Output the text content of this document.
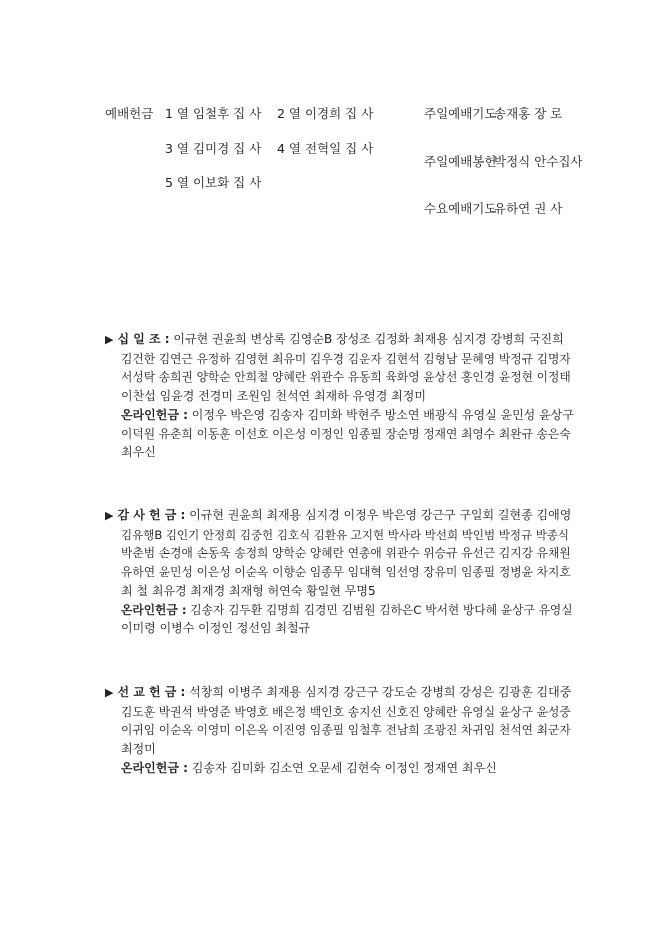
예배헌금 1 열 임철후 집 사 2 열 이경희 집 사
3 열 김미경 집 사 4 열 전혁일 집 사
5 열 이보화 집 사
주일예배기도
송재홍 장 로
주일예배봉헌
박정식 안수집사
수요예배기도
유하연 권 사
▶ 십 일 조 : 이규현 권윤희 변상록 김영순B 장성조 김정화 최재용 심지경 강병희 국진희
김건한 김연근 유정하 김영현 최유미 김우경 김운자 김현석 김형남 문혜영 박정규 김명자
서성탁 송희권 양학순 안희철 양혜란 위관수 유동희 육화영 윤상선 홍인경 윤정현 이정태
이찬섭 임윤경 전경미 조원임 천석연 최재하 유영경 최정미
온라인헌금 : 이정우 박은영 김송자 김미화 박현주 방소연 배광식 유영실 윤민성 윤상구
이덕원 유춘희 이동훈 이선호 이은성 이정인 임종필 장순명 정재연 최영수 최완규 송은숙
최우신
▶ 감 사 헌 금 : 이규현 권윤희 최재용 심지경 이정우 박은영 강근구 구일회 길현종 김애영
김유행B 김인기 안정희 김중헌 김호식 김환유 고지현 박사라 박선희 박인범 박정규 박종식
박춘범 손경애 손동욱 송정희 양학순 양혜란 연총애 위관수 위승규 유선근 김지강 유채원
유하연 윤민성 이은성 이순옥 이향순 임종무 임대혁 임선영 장유미 임종필 정병윤 차지호
최 철 최유경 최재경 최재형 허연숙 황일현 무명5
온라인헌금 : 김송자 김두환 김명희 김경민 김범원 김하은C 박서현 방다혜 윤상구 유영실
이미령 이병수 이정인 정선임 최철규
▶ 선 교 헌 금 : 석창희 이병주 최재용 심지경 강근구 강도순 강병희 강성은 김광훈 김대중
김도훈 박권석 박영준 박영호 배은정 백인호 송지선 신호진 양혜란 유영실 윤상구 윤성중
이귀임 이순옥 이영미 이은옥 이진영 임종필 임철후 전남희 조광진 차귀임 천석연 최군자
최정미
온라인헌금 : 김송자 김미화 김소연 오문세 김현숙 이정인 정재연 최우신
